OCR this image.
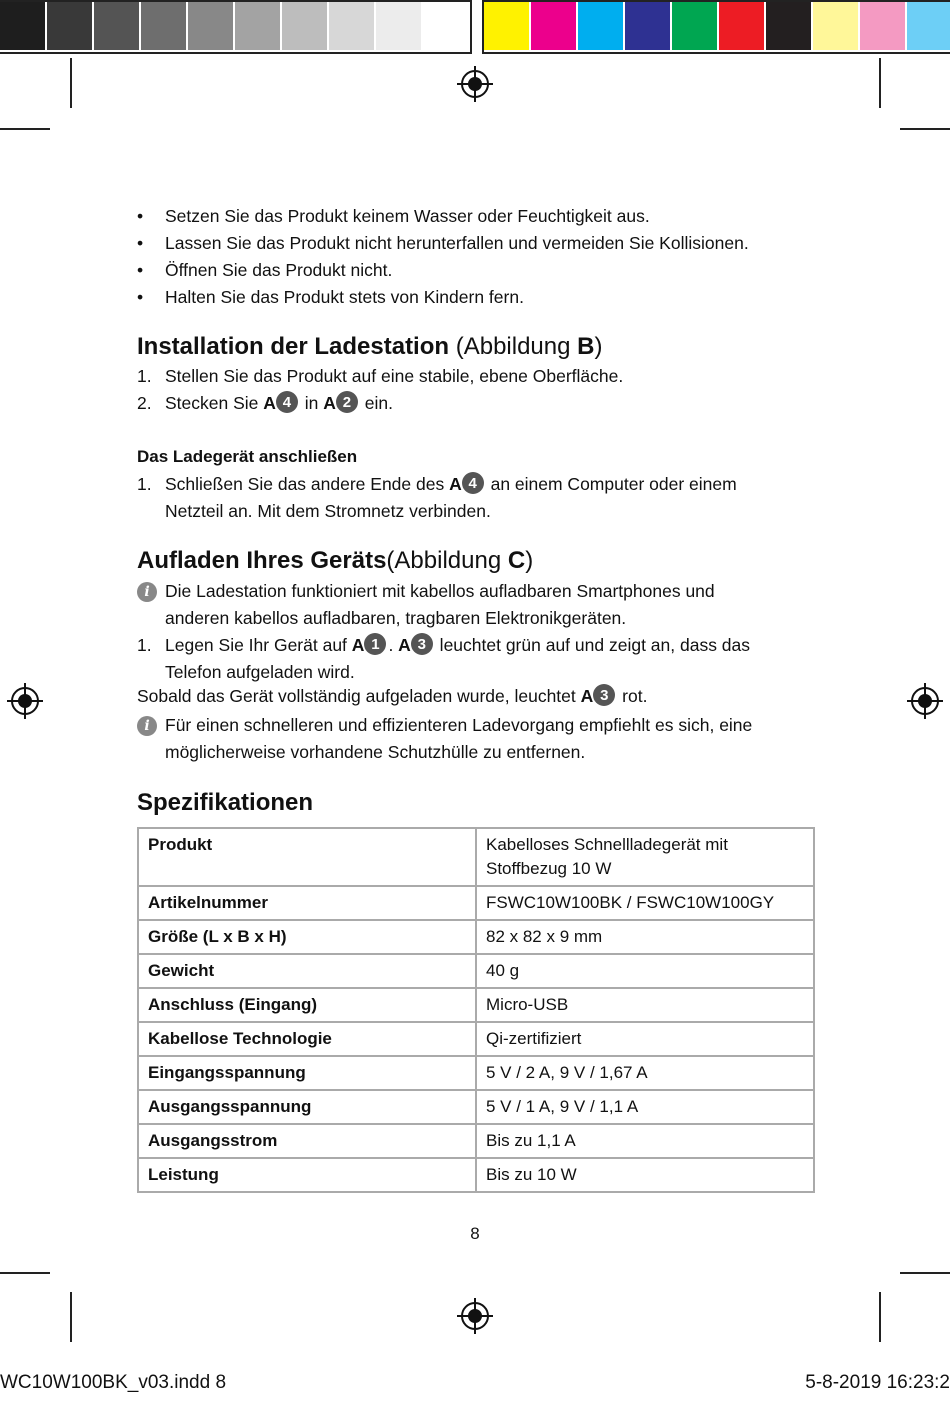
• Setzen Sie das Produkt keinem Wasser oder Feuchtigkeit aus.
• Lassen Sie das Produkt nicht herunterfallen und vermeiden Sie Kollisionen.
• Öffnen Sie das Produkt nicht.
• Halten Sie das Produkt stets von Kindern fern.
Installation der Ladestation (Abbildung B)
1. Stellen Sie das Produkt auf eine stabile, ebene Oberfläche.
2. Stecken Sie A 4 in A 2 ein.
Das Ladegerät anschließen
1. Schließen Sie das andere Ende des A 4 an einem Computer oder einem
Netzteil an. Mit dem Stromnetz verbinden.
Aufladen Ihres Geräts(Abbildung C)
i Die Ladestation funktioniert mit kabellos aufladbaren Smartphones und
anderen kabellos aufladbaren, tragbaren Elektronikgeräten.
1. Legen Sie Ihr Gerät auf A 1 . A 3 leuchtet grün auf und zeigt an, dass das
Telefon aufgeladen wird.
Sobald das Gerät vollständig aufgeladen wurde, leuchtet A 3 rot.
i Für einen schnelleren und effizienteren Ladevorgang empfiehlt es sich, eine
möglicherweise vorhandene Schutzhülle zu entfernen.
Spezifikationen
Produkt	Kabelloses Schnellladegerät mit Stoffbezug 10 W
Artikelnummer	FSWC10W100BK / FSWC10W100GY
Größe (L x B x H)	82 x 82 x 9 mm
Gewicht	40 g
Anschluss (Eingang)	Micro-USB
Kabellose Technologie	Qi-zertifiziert
Eingangsspannung	5 V / 2 A, 9 V / 1,67 A
Ausgangsspannung	5 V / 1 A, 9 V / 1,1 A
Ausgangsstrom	Bis zu 1,1 A
Leistung	Bis zu 10 W
8
WC10W100BK_v03.indd 8	5-8-2019 16:23:2
